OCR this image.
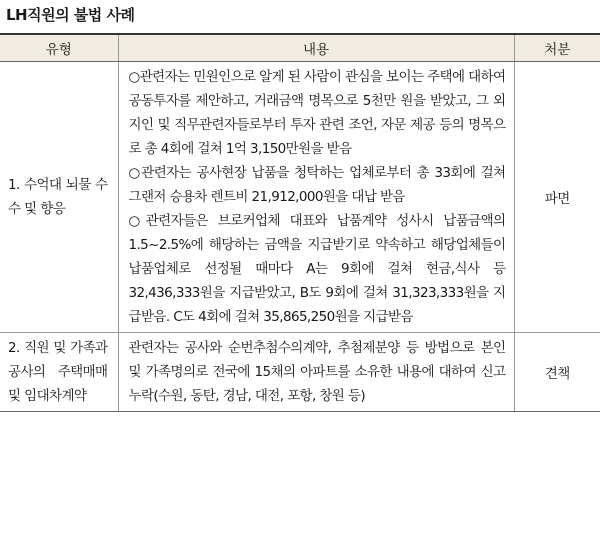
LH직원의 불법 사례
유형	내용	처분

1. 수억대 뇌물 수수 및 향응	○관련자는 민원인으로 알게 된 사람이 관심을 보이는 주택에 대하여 공동투자를 제안하고, 거래금액 명목으로 5천만 원을 받았고, 그 외 지인 및 직무관련자들로부터 투자 관련 조언, 자문 제공 등의 명목으로 총 4회에 걸쳐 1억 3,150만원을 받음
○관련자는 공사현장 납품을 청탁하는 업체로부터 총 33회에 걸쳐 그랜저 승용차 렌트비 21,912,000원을 대납 받음
○관련자들은 브로커업체 대표와 납품계약 성사시 납품금액의 1.5~2.5%에 해당하는 금액을 지급받기로 약속하고 해당업체들이 납품업체로 선정될 때마다 A는 9회에 걸쳐 현금,식사 등 32,436,333원을 지급받았고, B도 9회에 걸쳐 31,323,333원을 지급받음. C도 4회에 걸쳐 35,865,250원을 지급받음	파면

2. 직원 및 가족과 공사의 주택매매 및 임대차계약	관련자는 공사와 순번추첨수의계약, 추첨제분양 등 방법으로 본인 및 가족명의로 전국에 15채의 아파트를 소유한 내용에 대하여 신고 누락(수원, 동탄, 경남, 대전, 포항, 창원 등)	견책
